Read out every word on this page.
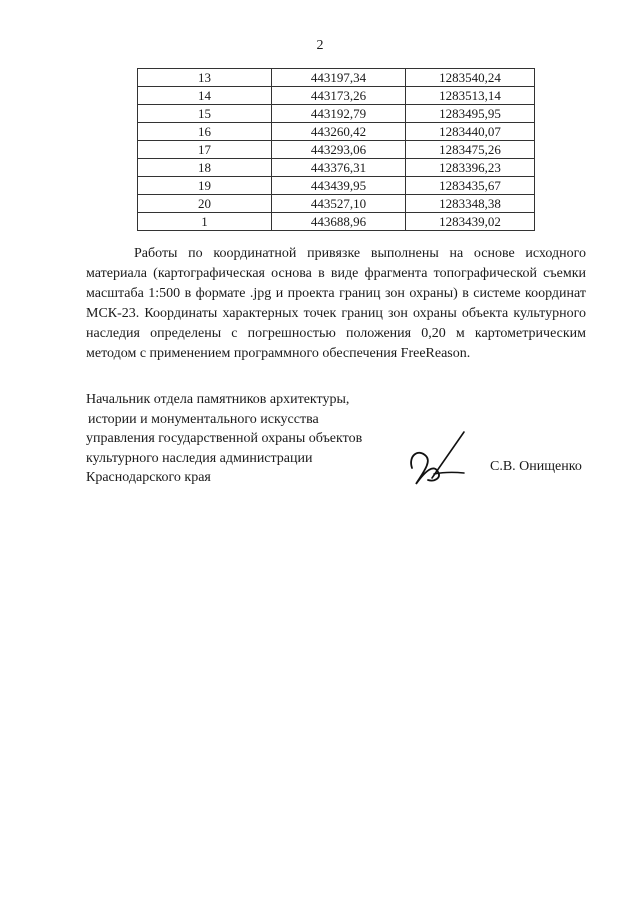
2
13	443197,34	1283540,24
14	443173,26	1283513,14
15	443192,79	1283495,95
16	443260,42	1283440,07
17	443293,06	1283475,26
18	443376,31	1283396,23
19	443439,95	1283435,67
20	443527,10	1283348,38
1	443688,96	1283439,02

Работы по координатной привязке выполнены на основе исходного материала (картографическая основа в виде фрагмента топографической съемки масштаба 1:500 в формате .jpg и проекта границ зон охраны) в системе координат МСК-23. Координаты характерных точек границ зон охраны объекта культурного наследия определены с погрешностью положения 0,20 м картометрическим методом с применением программного обеспечения FreeReason.

Начальник отдела памятников архитектуры,
истории и монументального искусства
управления государственной охраны объектов
культурного наследия администрации
Краснодарского края
С.В. Онищенко
